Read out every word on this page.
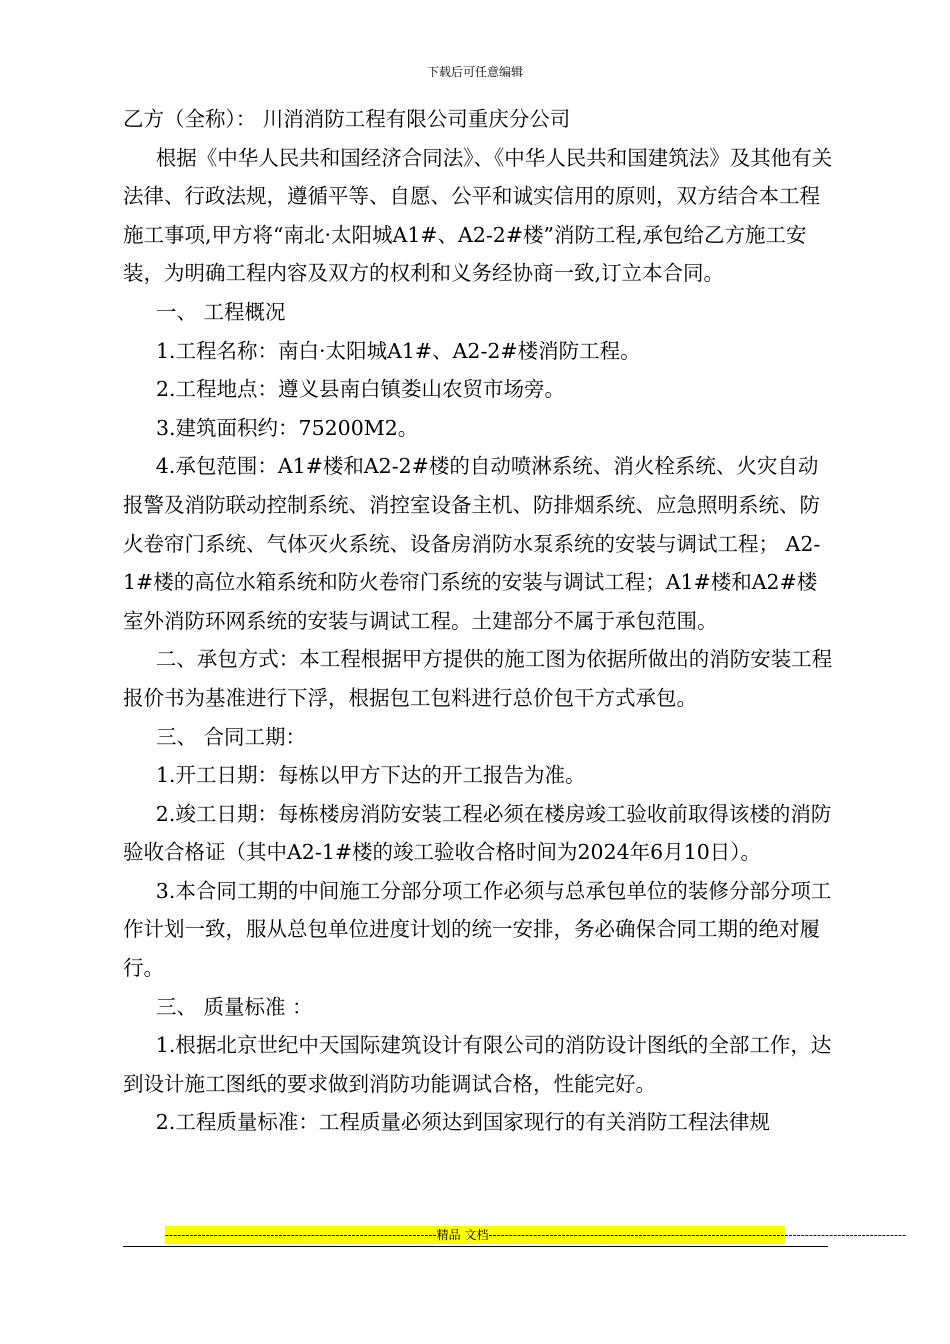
下载后可任意编辑

乙方（全称）： 川消消防工程有限公司重庆分公司

根据《中华人民共和国经济合同法》、《中华人民共和国建筑法》及其他有关法律、行政法规，遵循平等、自愿、公平和诚实信用的原则，双方结合本工程施工事项,甲方将“南北·太阳城A1#、A2-2#楼”消防工程,承包给乙方施工安装，为明确工程内容及双方的权利和义务经协商一致,订立本合同。

一、 工程概况

1.工程名称：南白·太阳城A1#、A2-2#楼消防工程。

2.工程地点：遵义县南白镇娄山农贸市场旁。

3.建筑面积约：75200M2。

4.承包范围：A1#楼和A2-2#楼的自动喷淋系统、消火栓系统、火灾自动报警及消防联动控制系统、消控室设备主机、防排烟系统、应急照明系统、防火卷帘门系统、气体灭火系统、设备房消防水泵系统的安装与调试工程； A2-1#楼的高位水箱系统和防火卷帘门系统的安装与调试工程；A1#楼和A2#楼室外消防环网系统的安装与调试工程。土建部分不属于承包范围。

二、承包方式：本工程根据甲方提供的施工图为依据所做出的消防安装工程报价书为基准进行下浮，根据包工包料进行总价包干方式承包。

三、 合同工期：

1.开工日期：每栋以甲方下达的开工报告为准。

2.竣工日期：每栋楼房消防安装工程必须在楼房竣工验收前取得该楼的消防验收合格证（其中A2-1#楼的竣工验收合格时间为2024年6月10日）。

3.本合同工期的中间施工分部分项工作必须与总承包单位的装修分部分项工作计划一致，服从总包单位进度计划的统一安排，务必确保合同工期的绝对履行。

三、 质量标准 ：

1.根据北京世纪中天国际建筑设计有限公司的消防设计图纸的全部工作，达到设计施工图纸的要求做到消防功能调试合格，性能完好。

2.工程质量标准：工程质量必须达到国家现行的有关消防工程法律规

-------------------------------------------------------------------精品 文档-------------------------------------------------------------------------------------------------------
